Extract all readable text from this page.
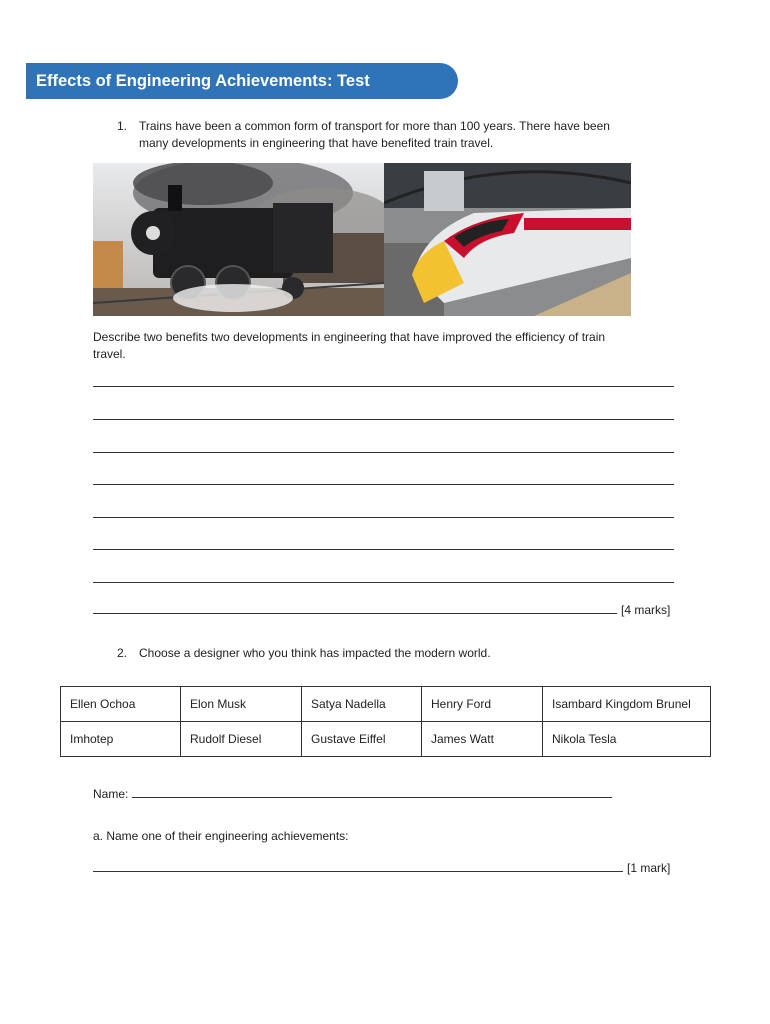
Effects of Engineering Achievements: Test
1. Trains have been a common form of transport for more than 100 years. There have been
many developments in engineering that have benefited train travel.
Describe two benefits two developments in engineering that have improved the efficiency of train
travel.
[4 marks]
2. Choose a designer who you think has impacted the modern world.
Ellen Ochoa	Elon Musk	Satya Nadella	Henry Ford	Isambard Kingdom Brunel
Imhotep	Rudolf Diesel	Gustave Eiffel	James Watt	Nikola Tesla
Name:
a. Name one of their engineering achievements:
[1 mark]
